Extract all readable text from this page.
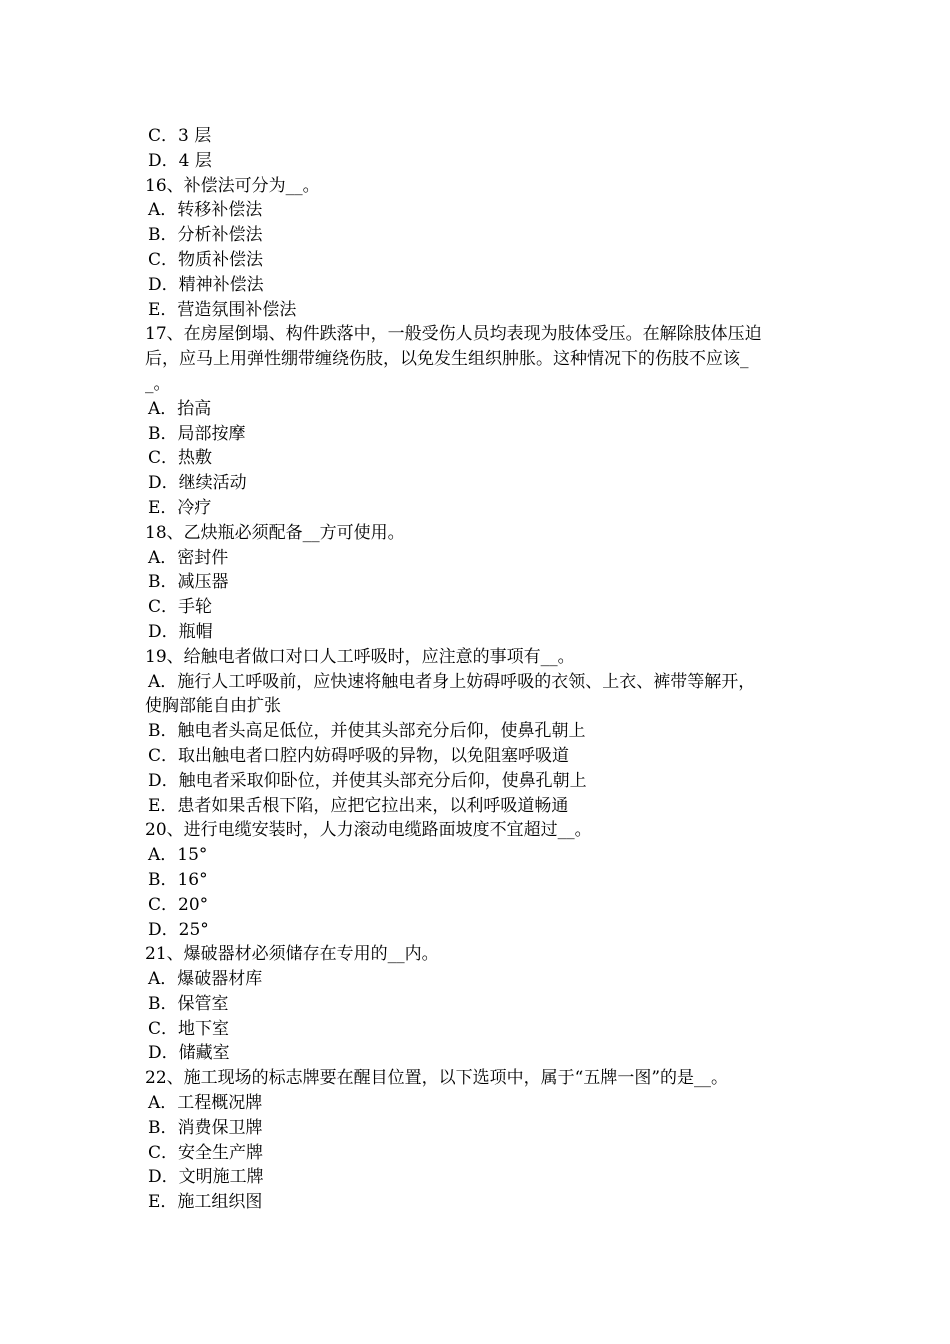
C．3 层
D．4 层
16、补偿法可分为__。
A．转移补偿法
B．分析补偿法
C．物质补偿法
D．精神补偿法
E．营造氛围补偿法
17、在房屋倒塌、构件跌落中，一般受伤人员均表现为肢体受压。在解除肢体压迫
后，应马上用弹性绷带缠绕伤肢，以免发生组织肿胀。这种情况下的伤肢不应该_
_。
A．抬高
B．局部按摩
C．热敷
D．继续活动
E．冷疗
18、乙炔瓶必须配备__方可使用。
A．密封件
B．减压器
C．手轮
D．瓶帽
19、给触电者做口对口人工呼吸时，应注意的事项有__。
A．施行人工呼吸前，应快速将触电者身上妨碍呼吸的衣领、上衣、裤带等解开，
使胸部能自由扩张
B．触电者头高足低位，并使其头部充分后仰，使鼻孔朝上
C．取出触电者口腔内妨碍呼吸的异物，以免阻塞呼吸道
D．触电者采取仰卧位，并使其头部充分后仰，使鼻孔朝上
E．患者如果舌根下陷，应把它拉出来，以利呼吸道畅通
20、进行电缆安装时，人力滚动电缆路面坡度不宜超过__。
A．15°
B．16°
C．20°
D．25°
21、爆破器材必须储存在专用的__内。
A．爆破器材库
B．保管室
C．地下室
D．储藏室
22、施工现场的标志牌要在醒目位置，以下选项中，属于“五牌一图”的是__。
A．工程概况牌
B．消费保卫牌
C．安全生产牌
D．文明施工牌
E．施工组织图
